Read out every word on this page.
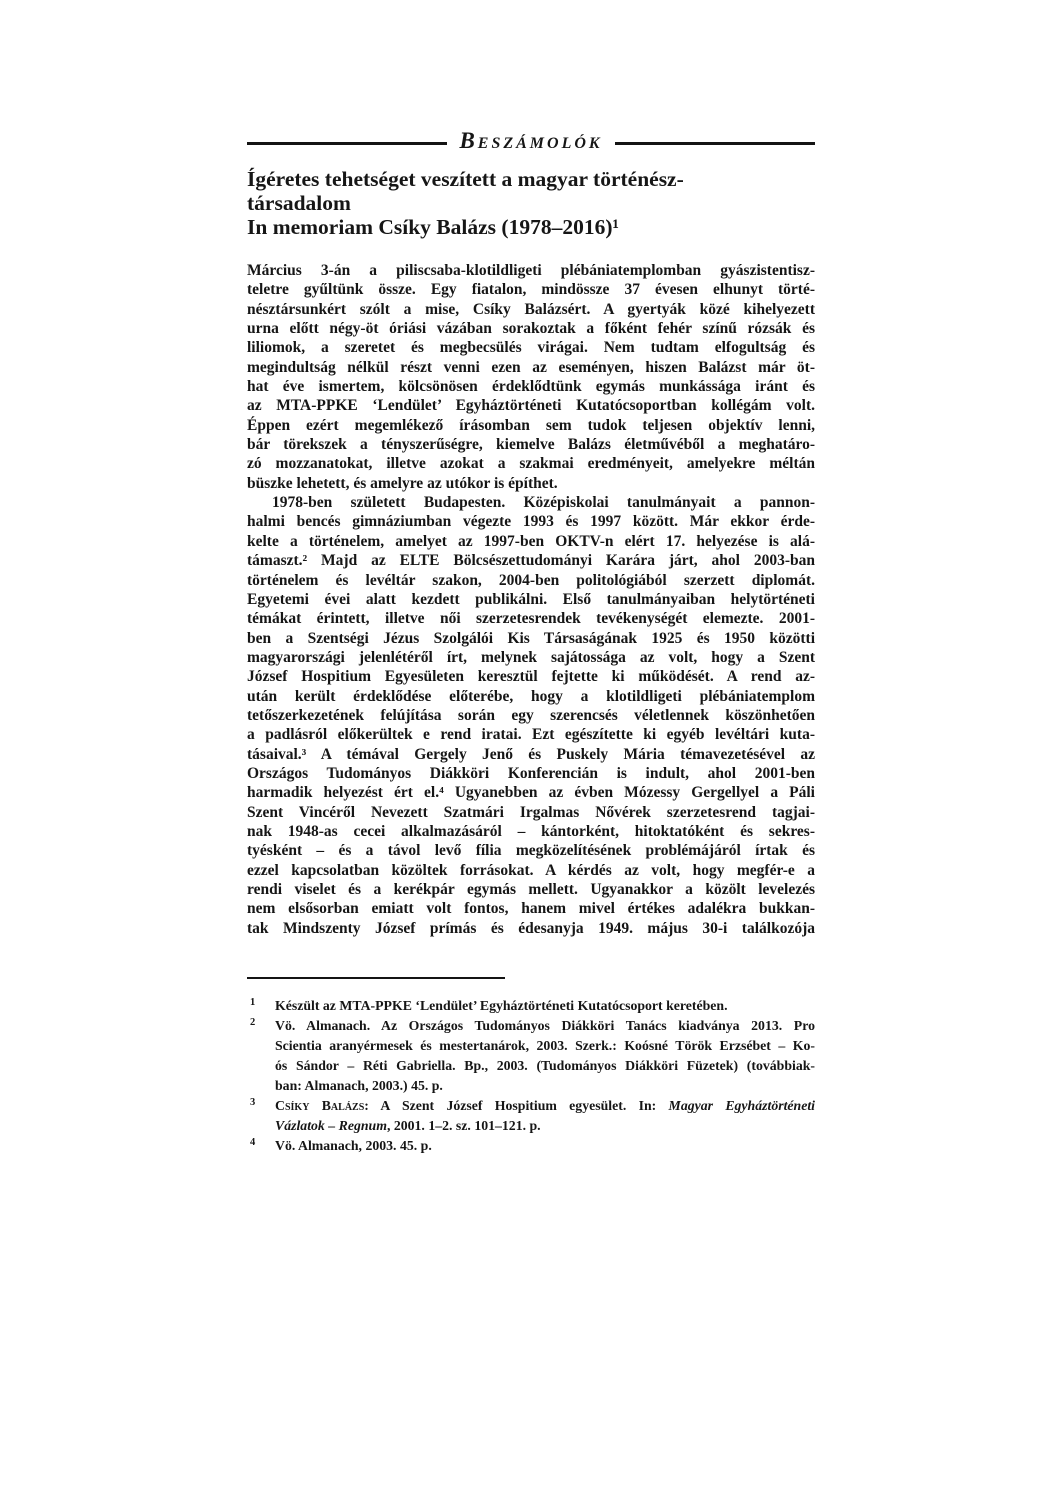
Beszámolók
Ígéretes tehetséget veszített a magyar történész-
társadalom
In memoriam Csíky Balázs (1978–2016)¹
Március 3-án a piliscsaba-klotildligeti plébániatemplomban gyászistentisz-
teletre gyűltünk össze. Egy fiatalon, mindössze 37 évesen elhunyt törté-
nésztársunkért szólt a mise, Csíky Balázsért. A gyertyák közé kihelyezett
urna előtt négy-öt óriási vázában sorakoztak a főként fehér színű rózsák és
liliomok, a szeretet és megbecsülés virágai. Nem tudtam elfogultság és
megindultság nélkül részt venni ezen az eseményen, hiszen Balázst már öt-
hat éve ismertem, kölcsönösen érdeklődtünk egymás munkássága iránt és
az MTA-PPKE ‘Lendület’ Egyháztörténeti Kutatócsoportban kollégám volt.
Éppen ezért megemlékező írásomban sem tudok teljesen objektív lenni,
bár törekszek a tényszerűségre, kiemelve Balázs életművéből a meghatáro-
zó mozzanatokat, illetve azokat a szakmai eredményeit, amelyekre méltán
büszke lehetett, és amelyre az utókor is építhet.
1978-ben született Budapesten. Középiskolai tanulmányait a pannon-
halmi bencés gimnáziumban végezte 1993 és 1997 között. Már ekkor érde-
kelte a történelem, amelyet az 1997-ben OKTV-n elért 17. helyezése is alá-
támaszt.² Majd az ELTE Bölcsészettudományi Karára járt, ahol 2003-ban
történelem és levéltár szakon, 2004-ben politológiából szerzett diplomát.
Egyetemi évei alatt kezdett publikálni. Első tanulmányaiban helytörténeti
témákat érintett, illetve női szerzetesrendek tevékenységét elemezte. 2001-
ben a Szentségi Jézus Szolgálói Kis Társaságának 1925 és 1950 közötti
magyarországi jelenlétéről írt, melynek sajátossága az volt, hogy a Szent
József Hospitium Egyesületen keresztül fejtette ki működését. A rend az-
után került érdeklődése előterébe, hogy a klotildligeti plébániatemplom
tetőszerkezetének felújítása során egy szerencsés véletlennek köszönhetően
a padlásról előkerültek e rend iratai. Ezt egészítette ki egyéb levéltári kuta-
tásaival.³ A témával Gergely Jenő és Puskely Mária témavezetésével az
Országos Tudományos Diákköri Konferencián is indult, ahol 2001-ben
harmadik helyezést ért el.⁴ Ugyanebben az évben Mózessy Gergellyel a Páli
Szent Vincéről Nevezett Szatmári Irgalmas Nővérek szerzetesrend tagjai-
nak 1948-as cecei alkalmazásáról – kántorként, hitoktatóként és sekres-
tyésként – és a távol levő fília megközelítésének problémájáról írtak és
ezzel kapcsolatban közöltek forrásokat. A kérdés az volt, hogy megfér-e a
rendi viselet és a kerékpár egymás mellett. Ugyanakkor a közölt levelezés
nem elsősorban emiatt volt fontos, hanem mivel értékes adalékra bukkan-
tak Mindszenty József prímás és édesanyja 1949. május 30-i találkozója
1 Készült az MTA-PPKE ‘Lendület’ Egyháztörténeti Kutatócsoport keretében.
2 Vö. Almanach. Az Országos Tudományos Diákköri Tanács kiadványa 2013. Pro
Scientia aranyérmesek és mestertanárok, 2003. Szerk.: Koósné Török Erzsébet – Ko-
ós Sándor – Réti Gabriella. Bp., 2003. (Tudományos Diákköri Füzetek) (továbbiak-
ban: Almanach, 2003.) 45. p.
3 Csíky Balázs: A Szent József Hospitium egyesület. In: Magyar Egyháztörténeti
Vázlatok – Regnum, 2001. 1–2. sz. 101–121. p.
4 Vö. Almanach, 2003. 45. p.
